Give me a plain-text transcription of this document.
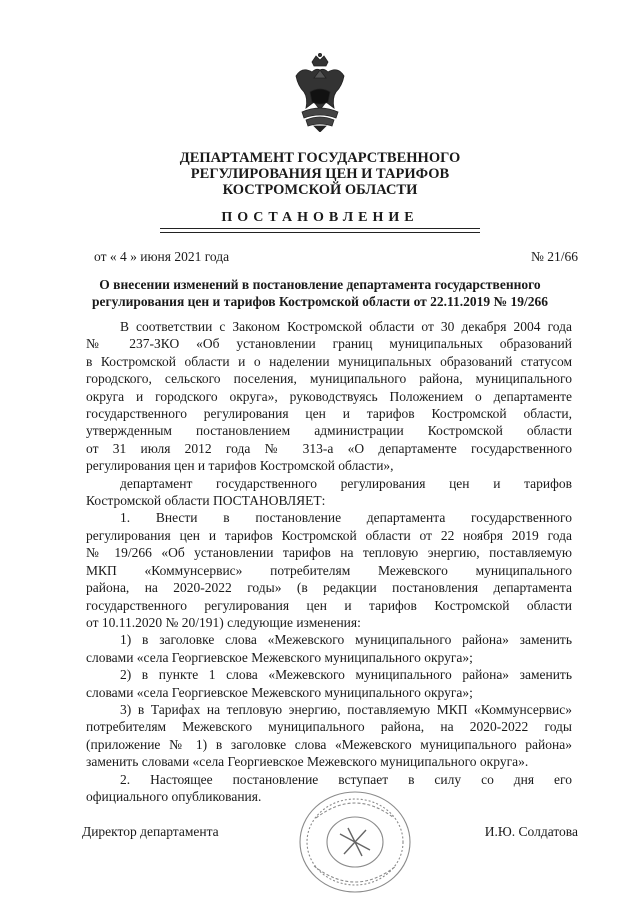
ДЕПАРТАМЕНТ ГОСУДАРСТВЕННОГО
РЕГУЛИРОВАНИЯ ЦЕН И ТАРИФОВ
КОСТРОМСКОЙ ОБЛАСТИ
ПОСТАНОВЛЕНИЕ
от « 4 » июня 2021 года	№ 21/66
О внесении изменений в постановление департамента государственного
регулирования цен и тарифов Костромской области от 22.11.2019 № 19/266
В соответствии с Законом Костромской области от 30 декабря 2004 года
№ 237-ЗКО «Об установлении границ муниципальных образований
в Костромской области и о наделении муниципальных образований статусом
городского, сельского поселения, муниципального района, муниципального
округа и городского округа», руководствуясь Положением о департаменте
государственного регулирования цен и тарифов Костромской области,
утвержденным постановлением администрации Костромской области
от 31 июля 2012 года № 313-а «О департаменте государственного
регулирования цен и тарифов Костромской области»,
департамент государственного регулирования цен и тарифов
Костромской области ПОСТАНОВЛЯЕТ:
1. Внести в постановление департамента государственного
регулирования цен и тарифов Костромской области от 22 ноября 2019 года
№ 19/266 «Об установлении тарифов на тепловую энергию, поставляемую
МКП «Коммунсервис» потребителям Межевского муниципального
района, на 2020-2022 годы» (в редакции постановления департамента
государственного регулирования цен и тарифов Костромской области
от 10.11.2020 № 20/191) следующие изменения:
1) в заголовке слова «Межевского муниципального района» заменить
словами «села Георгиевское Межевского муниципального округа»;
2) в пункте 1 слова «Межевского муниципального района» заменить
словами «села Георгиевское Межевского муниципального округа»;
3) в Тарифах на тепловую энергию, поставляемую МКП «Коммунсервис»
потребителям Межевского муниципального района, на 2020-2022 годы
(приложение № 1) в заголовке слова «Межевского муниципального района»
заменить словами «села Георгиевское Межевского муниципального округа».
2. Настоящее постановление вступает в силу со дня его
официального опубликования.
Директор департамента	И.Ю. Солдатова
